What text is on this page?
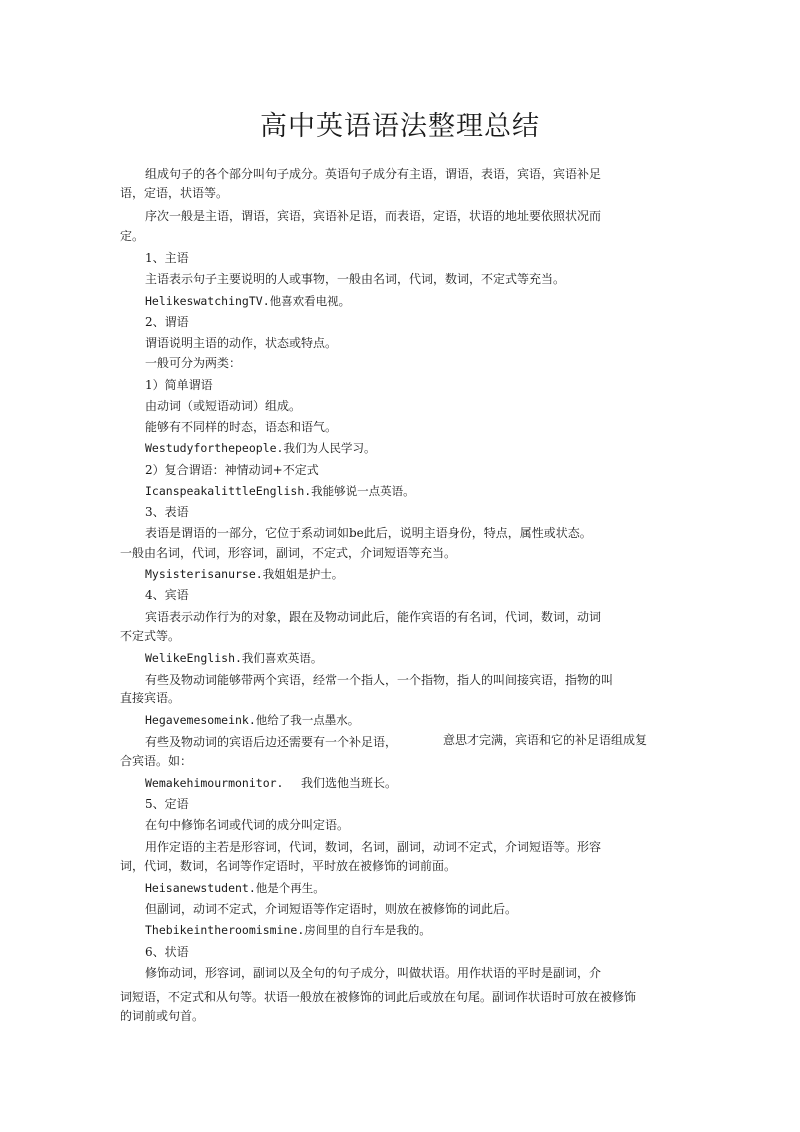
高中英语语法整理总结
组成句子的各个部分叫句子成分。英语句子成分有主语，谓语，表语，宾语，宾语补足
语，定语，状语等。
序次一般是主语，谓语，宾语，宾语补足语，而表语，定语，状语的地址要依照状况而
定。
1、主语
主语表示句子主要说明的人或事物，一般由名词，代词，数词，不定式等充当。
HelikeswatchingTV.他喜欢看电视。
2、谓语
谓语说明主语的动作，状态或特点。
一般可分为两类：
1）简单谓语
由动词（或短语动词）组成。
能够有不同样的时态，语态和语气。
Westudyforthepeople.我们为人民学习。
2）复合谓语：神情动词+不定式
IcanspeakalittleEnglish.我能够说一点英语。
3、表语
表语是谓语的一部分，它位于系动词如be此后，说明主语身份，特点，属性或状态。
一般由名词，代词，形容词，副词，不定式，介词短语等充当。
Mysisterisanurse.我姐姐是护士。
4、宾语
宾语表示动作行为的对象，跟在及物动词此后，能作宾语的有名词，代词，数词，动词
不定式等。
WelikeEnglish.我们喜欢英语。
有些及物动词能够带两个宾语，经常一个指人，一个指物，指人的叫间接宾语，指物的叫
直接宾语。
Hegavemesomeink.他给了我一点墨水。
有些及物动词的宾语后边还需要有一个补足语，	意思才完满，宾语和它的补足语组成复
合宾语。如：
Wemakehimourmonitor. 我们选他当班长。
5、定语
在句中修饰名词或代词的成分叫定语。
用作定语的主若是形容词，代词，数词，名词，副词，动词不定式，介词短语等。形容
词，代词，数词，名词等作定语时，平时放在被修饰的词前面。
Heisanewstudent.他是个再生。
但副词，动词不定式，介词短语等作定语时，则放在被修饰的词此后。
Thebikeintheroomismine.房间里的自行车是我的。
6、状语
修饰动词，形容词，副词以及全句的句子成分，叫做状语。用作状语的平时是副词，介
词短语，不定式和从句等。状语一般放在被修饰的词此后或放在句尾。副词作状语时可放在被修饰
的词前或句首。
